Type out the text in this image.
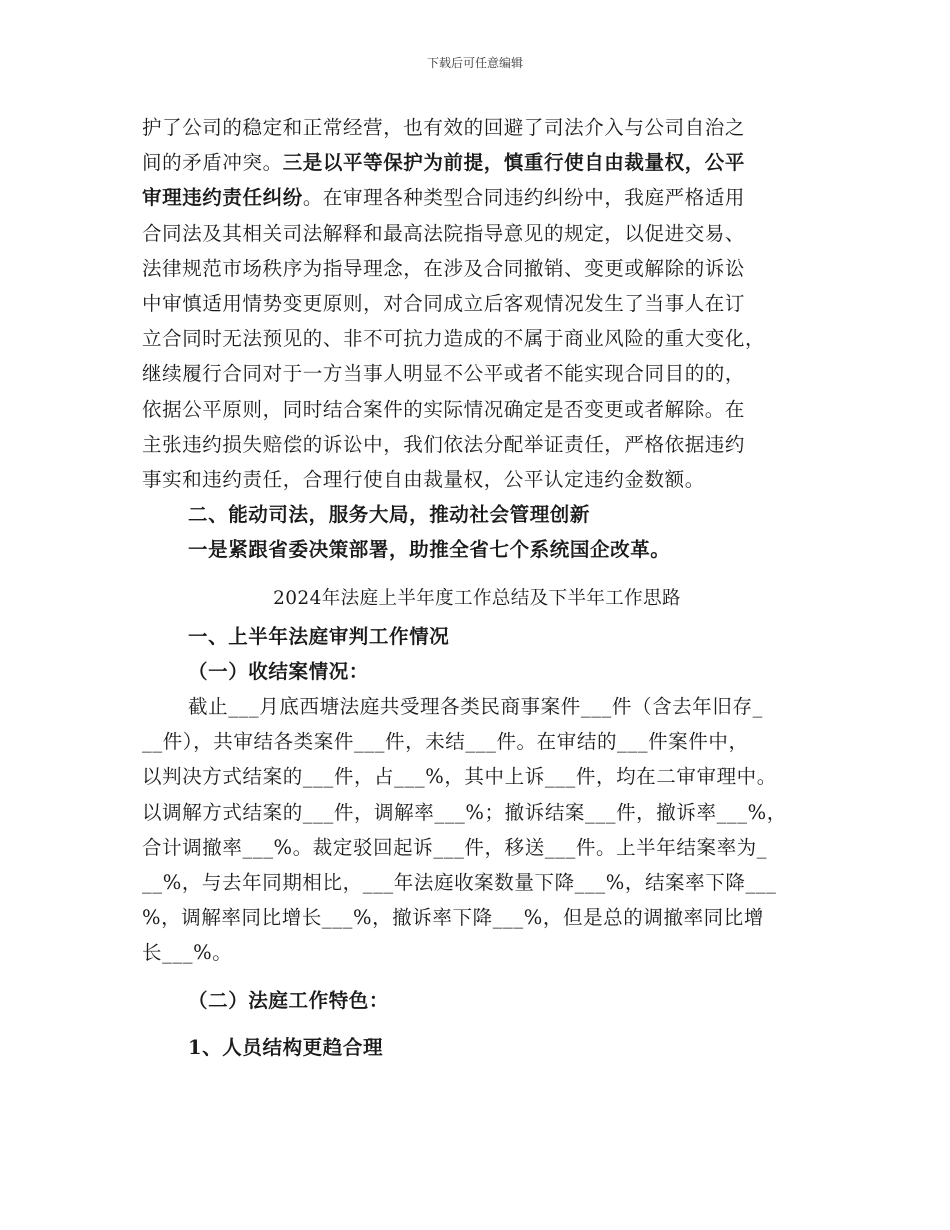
下载后可任意编辑
护了公司的稳定和正常经营，也有效的回避了司法介入与公司自治之
间的矛盾冲突。三是以平等保护为前提，慎重行使自由裁量权，公平
审理违约责任纠纷。在审理各种类型合同违约纠纷中，我庭严格适用
合同法及其相关司法解释和最高法院指导意见的规定，以促进交易、
法律规范市场秩序为指导理念，在涉及合同撤销、变更或解除的诉讼
中审慎适用情势变更原则，对合同成立后客观情况发生了当事人在订
立合同时无法预见的、非不可抗力造成的不属于商业风险的重大变化，
继续履行合同对于一方当事人明显不公平或者不能实现合同目的的，
依据公平原则，同时结合案件的实际情况确定是否变更或者解除。在
主张违约损失赔偿的诉讼中，我们依法分配举证责任，严格依据违约
事实和违约责任，合理行使自由裁量权，公平认定违约金数额。
二、能动司法，服务大局，推动社会管理创新
一是紧跟省委决策部署，助推全省七个系统国企改革。
2024年法庭上半年度工作总结及下半年工作思路
一、上半年法庭审判工作情况
（一）收结案情况：
截止___月底西塘法庭共受理各类民商事案件___件（含去年旧存_
__件），共审结各类案件___件，未结___件。在审结的___件案件中，
以判决方式结案的___件，占___%，其中上诉___件，均在二审审理中。
以调解方式结案的___件，调解率___%；撤诉结案___件，撤诉率___%，
合计调撤率___%。裁定驳回起诉___件，移送___件。上半年结案率为_
__%，与去年同期相比，___年法庭收案数量下降___%，结案率下降___
%，调解率同比增长___%，撤诉率下降___%，但是总的调撤率同比增
长___%。
（二）法庭工作特色：
1、人员结构更趋合理
